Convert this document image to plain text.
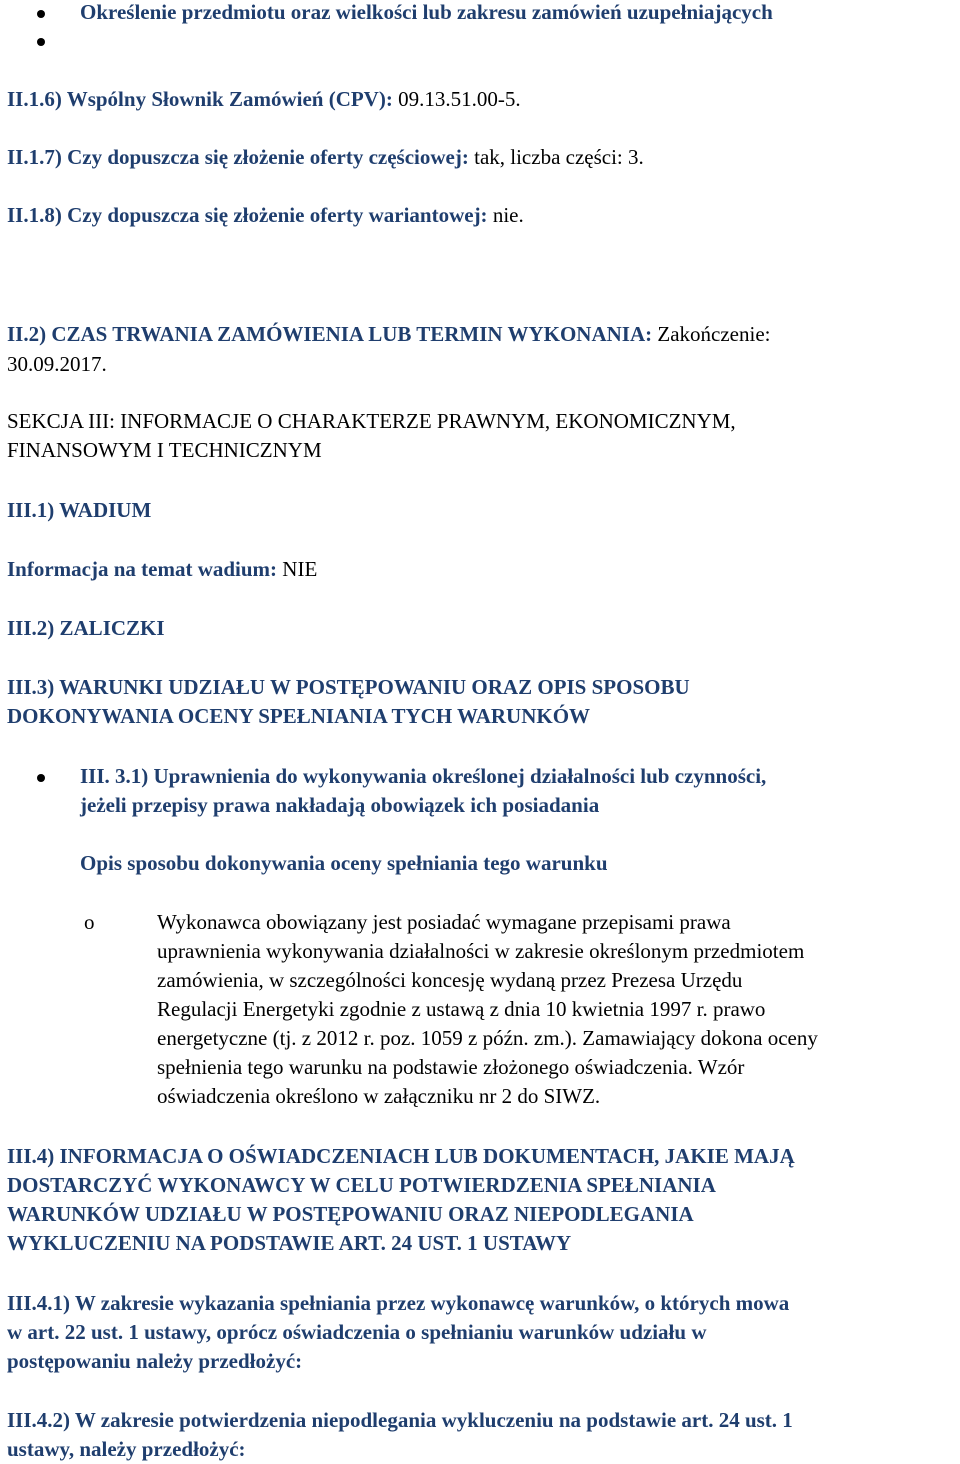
Określenie przedmiotu oraz wielkości lub zakresu zamówień uzupełniających
II.1.6) Wspólny Słownik Zamówień (CPV): 09.13.51.00-5.
II.1.7) Czy dopuszcza się złożenie oferty częściowej: tak, liczba części: 3.
II.1.8) Czy dopuszcza się złożenie oferty wariantowej: nie.
II.2) CZAS TRWANIA ZAMÓWIENIA LUB TERMIN WYKONANIA: Zakończenie:
30.09.2017.
SEKCJA III: INFORMACJE O CHARAKTERZE PRAWNYM, EKONOMICZNYM,
FINANSOWYM I TECHNICZNYM
III.1) WADIUM
Informacja na temat wadium: NIE
III.2) ZALICZKI
III.3) WARUNKI UDZIAŁU W POSTĘPOWANIU ORAZ OPIS SPOSOBU
DOKONYWANIA OCENY SPEŁNIANIA TYCH WARUNKÓW
III. 3.1) Uprawnienia do wykonywania określonej działalności lub czynności,
jeżeli przepisy prawa nakładają obowiązek ich posiadania
Opis sposobu dokonywania oceny spełniania tego warunku
o	Wykonawca obowiązany jest posiadać wymagane przepisami prawa
uprawnienia wykonywania działalności w zakresie określonym przedmiotem
zamówienia, w szczególności koncesję wydaną przez Prezesa Urzędu
Regulacji Energetyki zgodnie z ustawą z dnia 10 kwietnia 1997 r. prawo
energetyczne (tj. z 2012 r. poz. 1059 z późn. zm.). Zamawiający dokona oceny
spełnienia tego warunku na podstawie złożonego oświadczenia. Wzór
oświadczenia określono w załączniku nr 2 do SIWZ.
III.4) INFORMACJA O OŚWIADCZENIACH LUB DOKUMENTACH, JAKIE MAJĄ
DOSTARCZYĆ WYKONAWCY W CELU POTWIERDZENIA SPEŁNIANIA
WARUNKÓW UDZIAŁU W POSTĘPOWANIU ORAZ NIEPODLEGANIA
WYKLUCZENIU NA PODSTAWIE ART. 24 UST. 1 USTAWY
III.4.1) W zakresie wykazania spełniania przez wykonawcę warunków, o których mowa
w art. 22 ust. 1 ustawy, oprócz oświadczenia o spełnianiu warunków udziału w
postępowaniu należy przedłożyć:
III.4.2) W zakresie potwierdzenia niepodlegania wykluczeniu na podstawie art. 24 ust. 1
ustawy, należy przedłożyć:
